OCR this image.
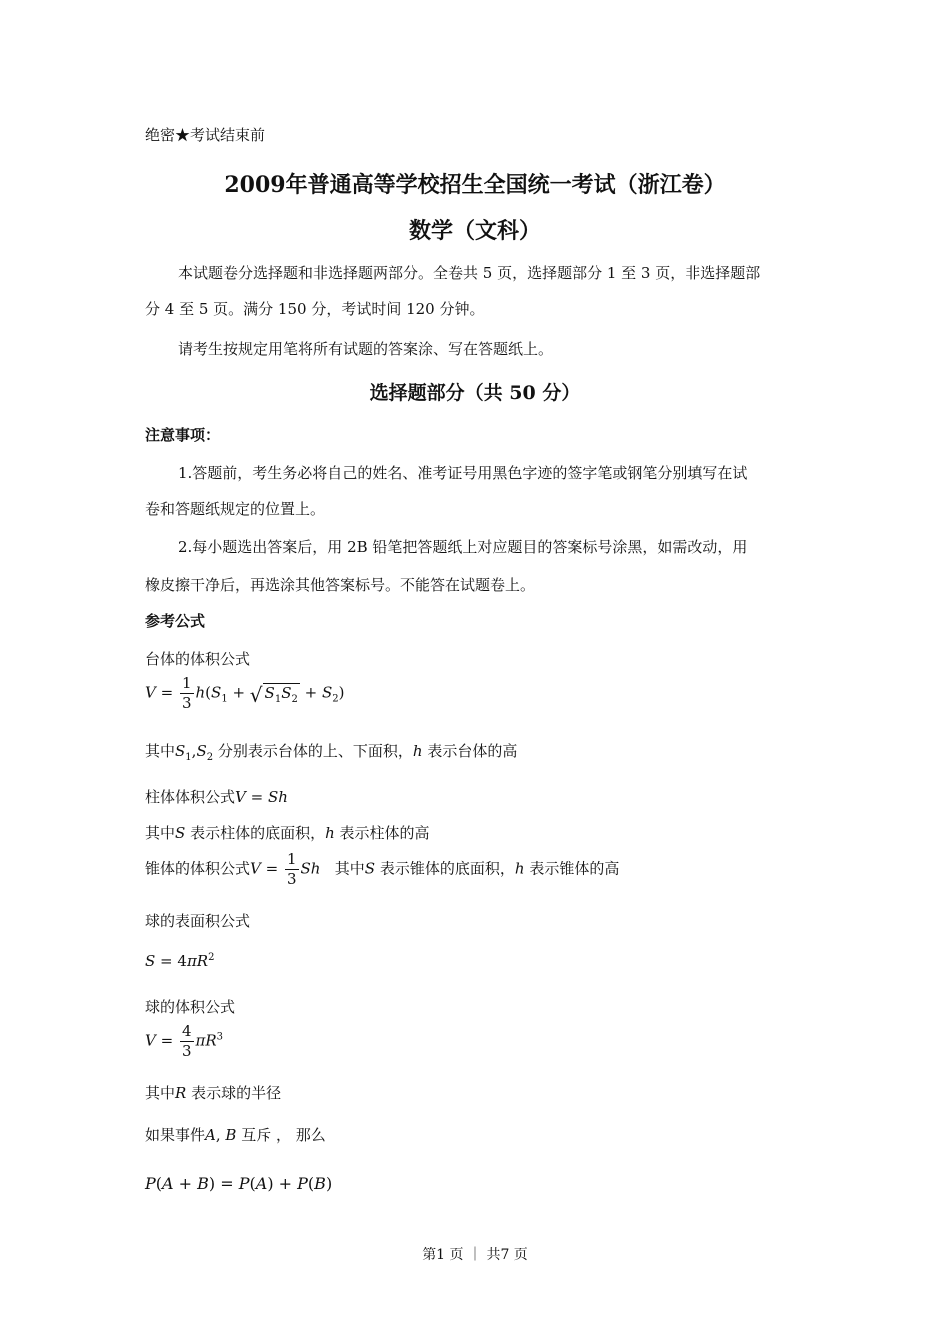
绝密★考试结束前
2009年普通高等学校招生全国统一考试（浙江卷）
数学（文科）
本试题卷分选择题和非选择题两部分。全卷共 5 页，选择题部分 1 至 3 页，非选择题部
分 4 至 5 页。满分 150 分，考试时间 120 分钟。
请考生按规定用笔将所有试题的答案涂、写在答题纸上。
选择题部分（共 50 分）
注意事项：
1.答题前，考生务必将自己的姓名、准考证号用黑色字迹的签字笔或钢笔分别填写在试
卷和答题纸规定的位置上。
2.每小题选出答案后，用 2B 铅笔把答题纸上对应题目的答案标号涂黑，如需改动，用
橡皮擦干净后，再选涂其他答案标号。不能答在试题卷上。
参考公式
台体的体积公式
$V = \frac{1}{3} h(S_1$ + √ $S_1S_2 + S_2$)
其中$S_1,S_2$ 分别表示台体的上、下面积，h 表示台体的高
柱体体积公式V = Sh
其中S 表示柱体的底面积，h 表示柱体的高
锥体的体积公式$V = \frac{1}{3}$ Sh 其中S 表示锥体的底面积，h 表示锥体的高
球的表面积公式
$S = 4\pi R^2$
球的体积公式
$V = \frac{4}{3} \pi R^3$
其中R 表示球的半径
如果事件A, B 互斥 ， 那么
P(A + B) = P(A) + P(B)
第1 页 ｜ 共7 页
